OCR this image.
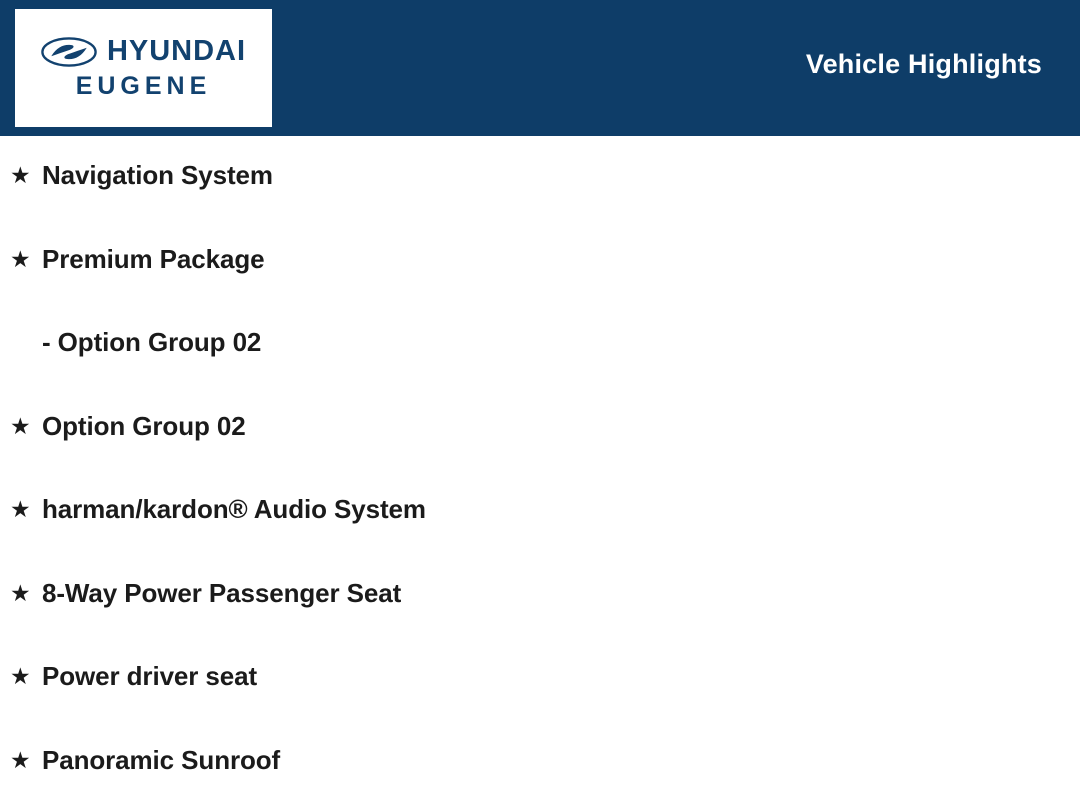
HYUNDAI
EUGENE
Vehicle Highlights
★ Navigation System
★ Premium Package
- Option Group 02
★ Option Group 02
★ harman/kardon® Audio System
★ 8-Way Power Passenger Seat
★ Power driver seat
★ Panoramic Sunroof
